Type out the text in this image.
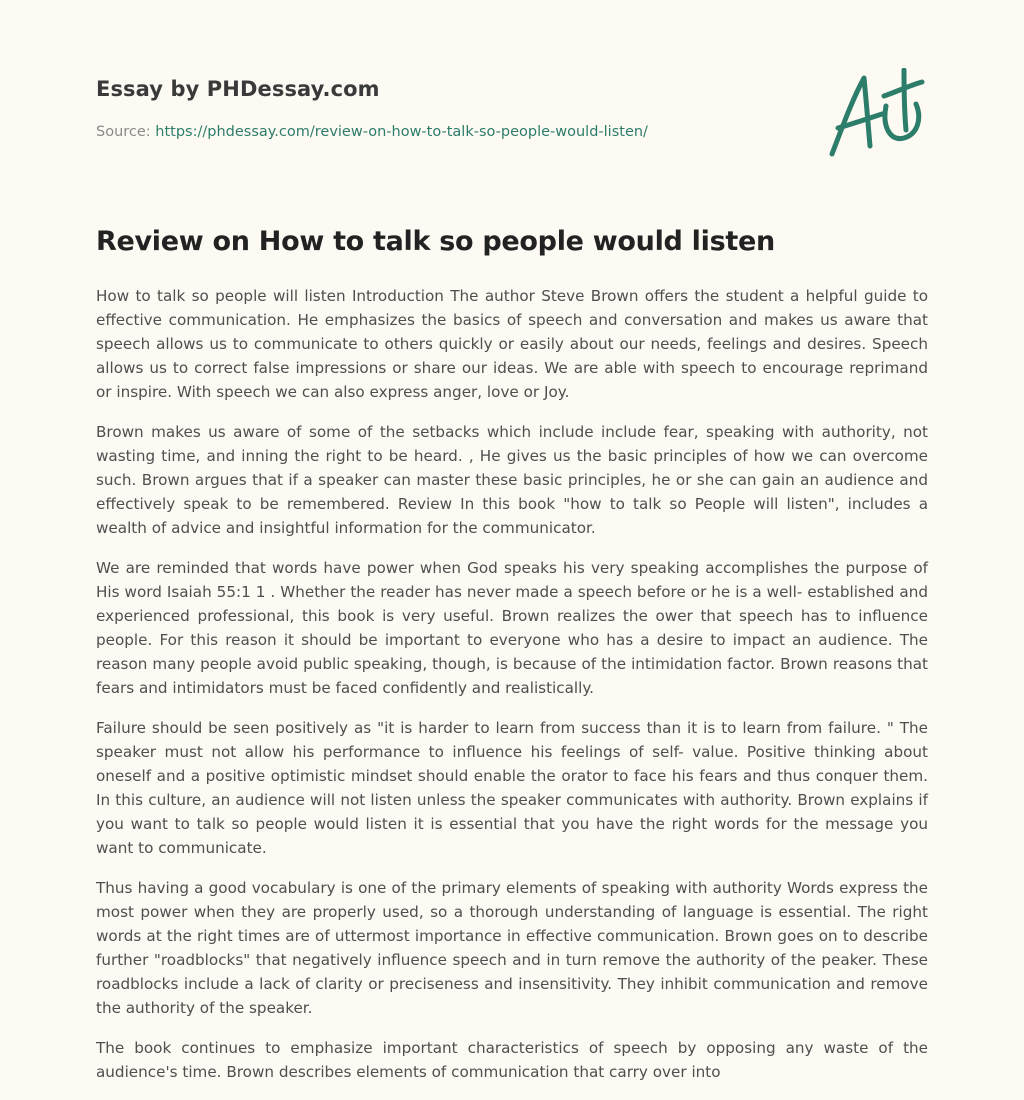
Essay by PHDessay.com
Source: https://phdessay.com/review-on-how-to-talk-so-people-would-listen/
Review on How to talk so people would listen

How to talk so people will listen Introduction The author Steve Brown offers the student a helpful guide to effective communication. He emphasizes the basics of speech and conversation and makes us aware that speech allows us to communicate to others quickly or easily about our needs, feelings and desires. Speech allows us to correct false impressions or share our ideas. We are able with speech to encourage reprimand or inspire. With speech we can also express anger, love or Joy.

Brown makes us aware of some of the setbacks which include include fear, speaking with authority, not wasting time, and inning the right to be heard. , He gives us the basic principles of how we can overcome such. Brown argues that if a speaker can master these basic principles, he or she can gain an audience and effectively speak to be remembered. Review In this book "how to talk so People will listen", includes a wealth of advice and insightful information for the communicator.

We are reminded that words have power when God speaks his very speaking accomplishes the purpose of His word Isaiah 55:1 1 . Whether the reader has never made a speech before or he is a well- established and experienced professional, this book is very useful. Brown realizes the ower that speech has to influence people. For this reason it should be important to everyone who has a desire to impact an audience. The reason many people avoid public speaking, though, is because of the intimidation factor. Brown reasons that fears and intimidators must be faced confidently and realistically.

Failure should be seen positively as "it is harder to learn from success than it is to learn from failure. " The speaker must not allow his performance to influence his feelings of self- value. Positive thinking about oneself and a positive optimistic mindset should enable the orator to face his fears and thus conquer them. In this culture, an audience will not listen unless the speaker communicates with authority. Brown explains if you want to talk so people would listen it is essential that you have the right words for the message you want to communicate.

Thus having a good vocabulary is one of the primary elements of speaking with authority Words express the most power when they are properly used, so a thorough understanding of language is essential. The right words at the right times are of uttermost importance in effective communication. Brown goes on to describe further "roadblocks" that negatively influence speech and in turn remove the authority of the peaker. These roadblocks include a lack of clarity or preciseness and insensitivity. They inhibit communication and remove the authority of the speaker.

The book continues to emphasize important characteristics of speech by opposing any waste of the audience's time. Brown describes elements of communication that carry over into
